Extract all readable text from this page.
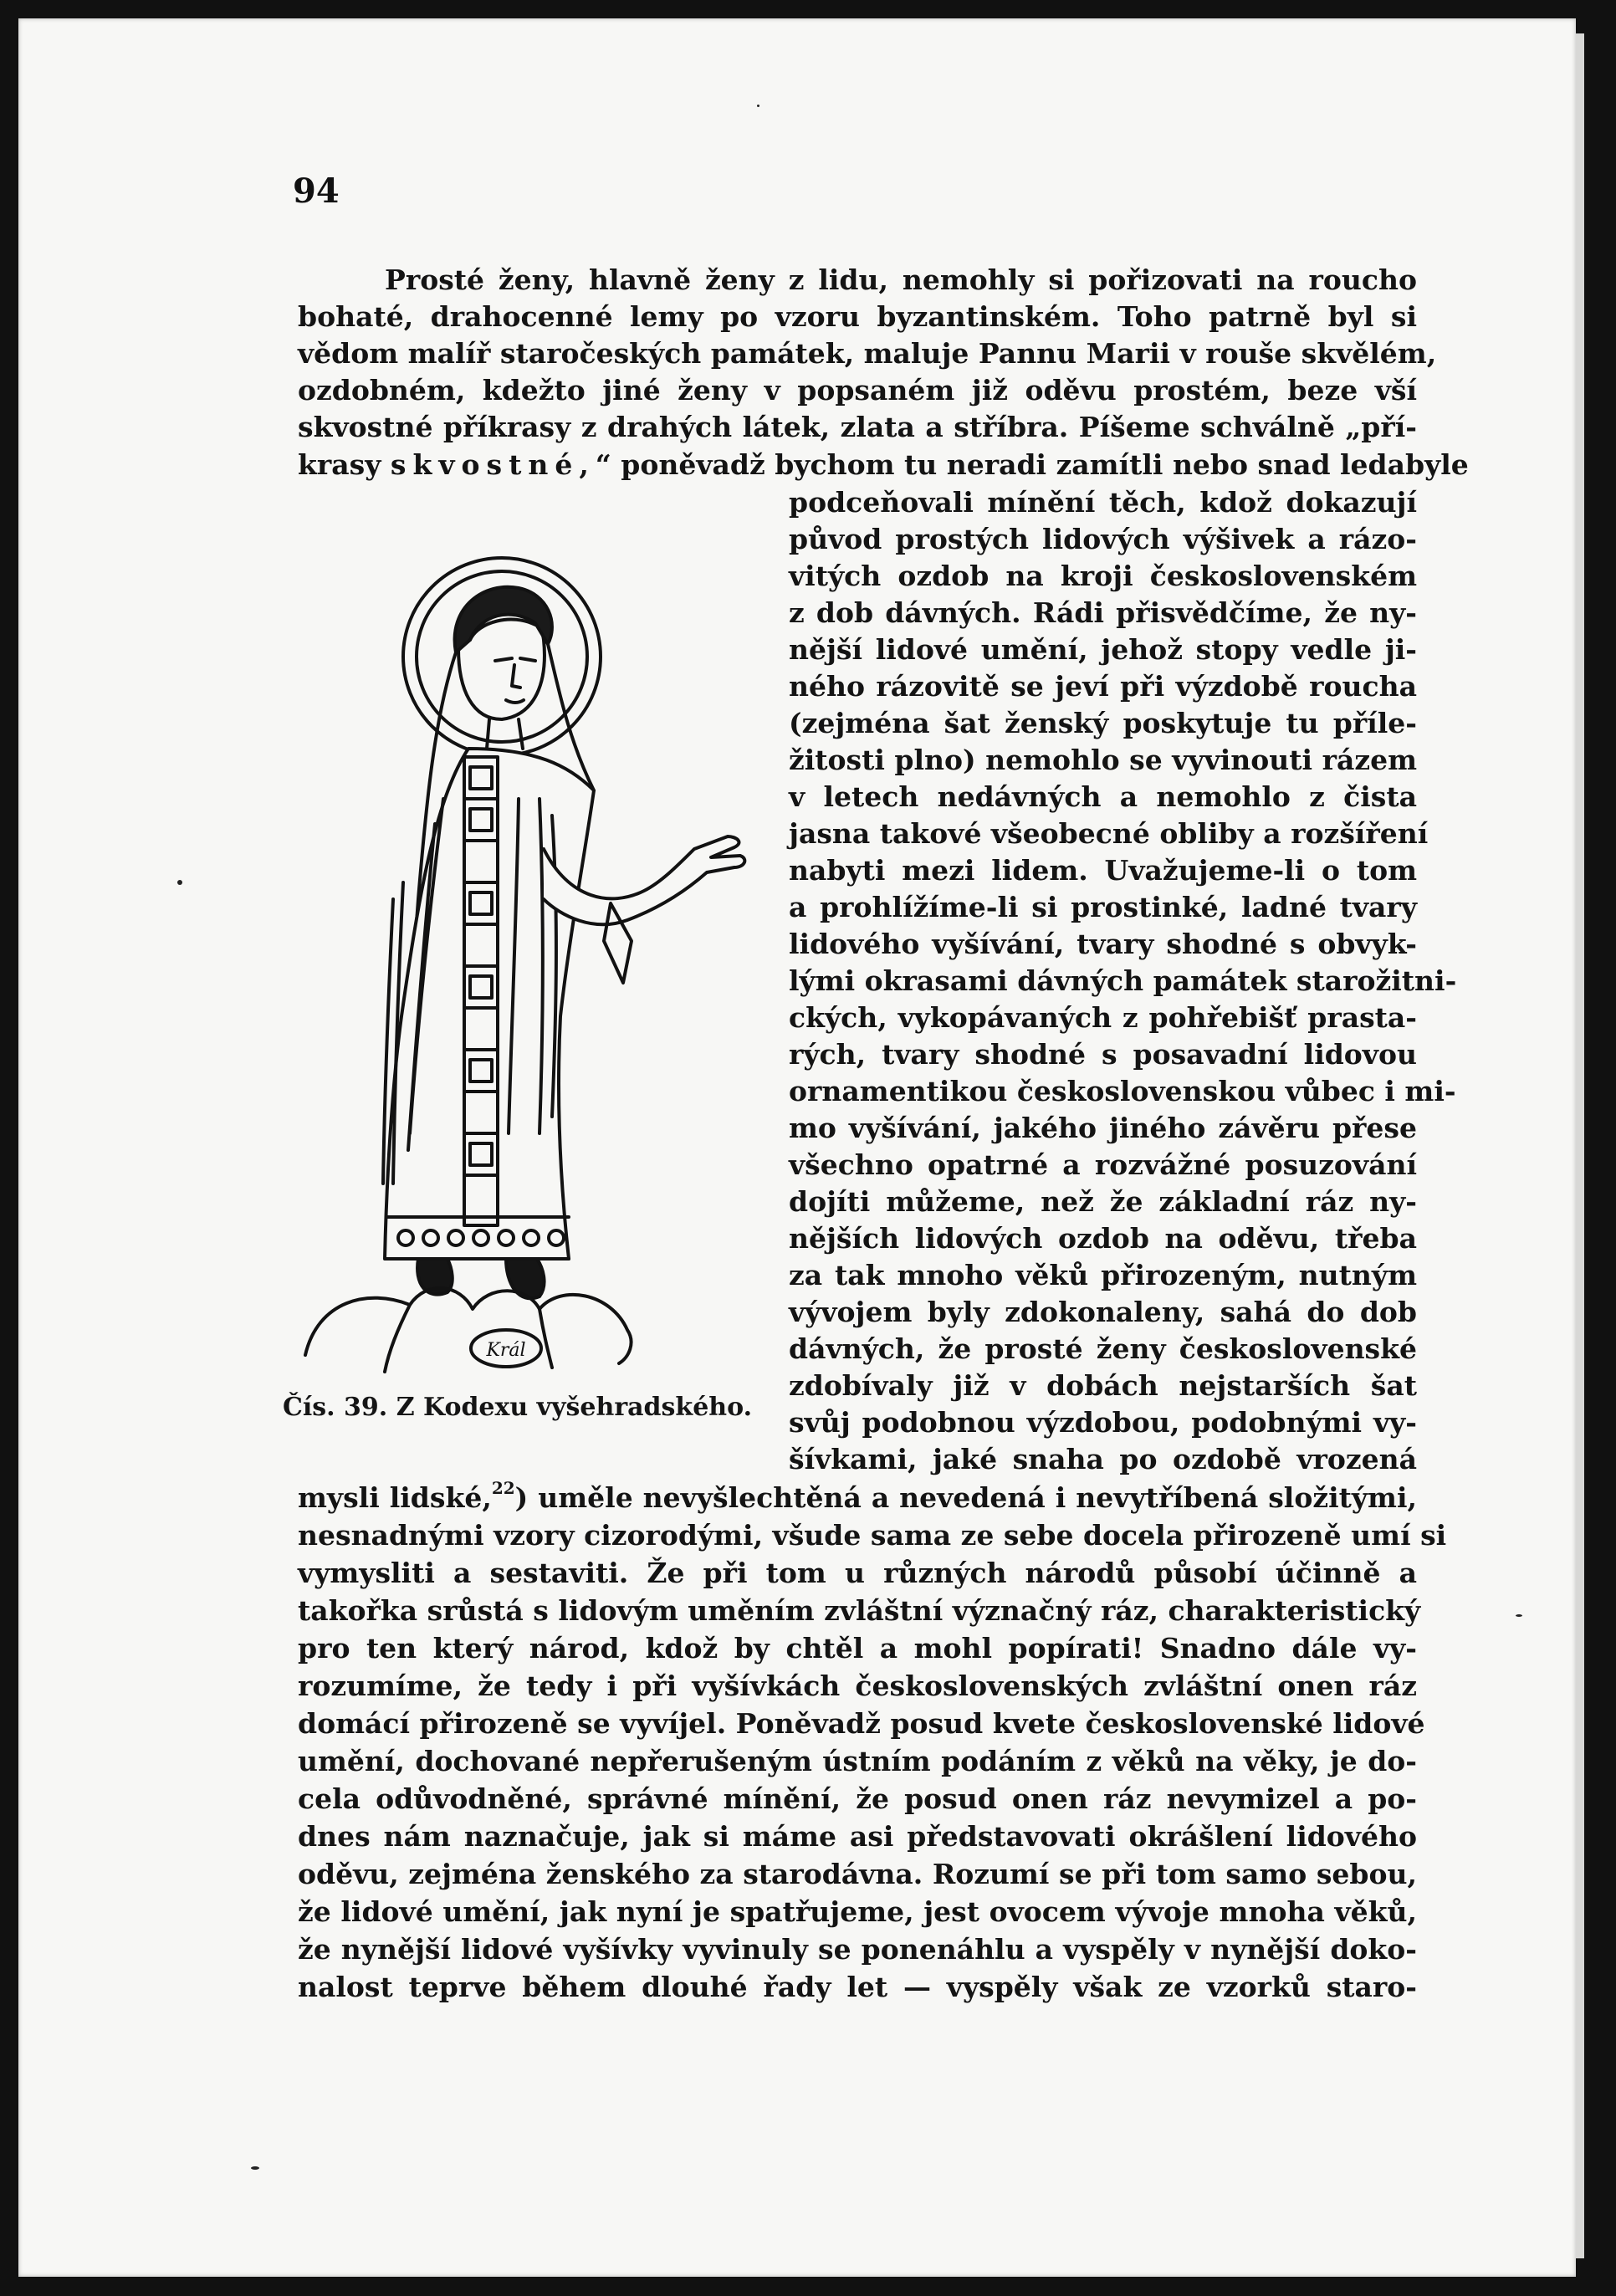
94
Prosté ženy, hlavně ženy z lidu, nemohly si pořizovati na roucho
bohaté, drahocenné lemy po vzoru byzantinském. Toho patrně byl si
vědom malíř staročeských památek, maluje Pannu Marii v rouše skvělém,
ozdobném, kdežto jiné ženy v popsaném již oděvu prostém, beze vší
skvostné příkrasy z drahých látek, zlata a stříbra. Píšeme schválně „pří-
krasy skvostné,“ poněvadž bychom tu neradi zamítli nebo snad ledabyle
podceňovali mínění těch, kdož dokazují
původ prostých lidových výšivek a rázo-
vitých ozdob na kroji československém
z dob dávných. Rádi přisvědčíme, že ny-
nější lidové umění, jehož stopy vedle ji-
ného rázovitě se jeví při výzdobě roucha
(zejména šat ženský poskytuje tu příle-
žitosti plno) nemohlo se vyvinouti rázem
v letech nedávných a nemohlo z čista
jasna takové všeobecné obliby a rozšíření
nabyti mezi lidem. Uvažujeme-li o tom
a prohlížíme-li si prostinké, ladné tvary
lidového vyšívání, tvary shodné s obvyk-
lými okrasami dávných památek starožitni-
ckých, vykopávaných z pohřebišť prasta-
rých, tvary shodné s posavadní lidovou
ornamentikou československou vůbec i mi-
mo vyšívání, jakého jiného závěru přese
všechno opatrné a rozvážné posuzování
dojíti můžeme, než že základní ráz ny-
nějších lidových ozdob na oděvu, třeba
za tak mnoho věků přirozeným, nutným
vývojem byly zdokonaleny, sahá do dob
dávných, že prosté ženy československé
zdobívaly již v dobách nejstarších šat
svůj podobnou výzdobou, podobnými vy-
šívkami, jaké snaha po ozdobě vrozená
mysli lidské,$^{22}$) uměle nevyšlechtěná a nevedená i nevytříbená složitými,
nesnadnými vzory cizorodými, všude sama ze sebe docela přirozeně umí si
vymysliti a sestaviti. Že při tom u různých národů působí účinně a
takořka srůstá s lidovým uměním zvláštní význačný ráz, charakteristický
pro ten který národ, kdož by chtěl a mohl popírati! Snadno dále vy-
rozumíme, že tedy i při vyšívkách československých zvláštní onen ráz
domácí přirozeně se vyvíjel. Poněvadž posud kvete československé lidové
umění, dochované nepřerušeným ústním podáním z věků na věky, je do-
cela odůvodněné, správné mínění, že posud onen ráz nevymizel a po-
dnes nám naznačuje, jak si máme asi představovati okrášlení lidového
oděvu, zejména ženského za starodávna. Rozumí se při tom samo sebou,
že lidové umění, jak nyní je spatřujeme, jest ovocem vývoje mnoha věků,
že nynější lidové vyšívky vyvinuly se ponenáhlu a vyspěly v nynější doko-
nalost teprve během dlouhé řady let — vyspěly však ze vzorků staro-
Král
Čís. 39. Z Kodexu vyšehradského.
